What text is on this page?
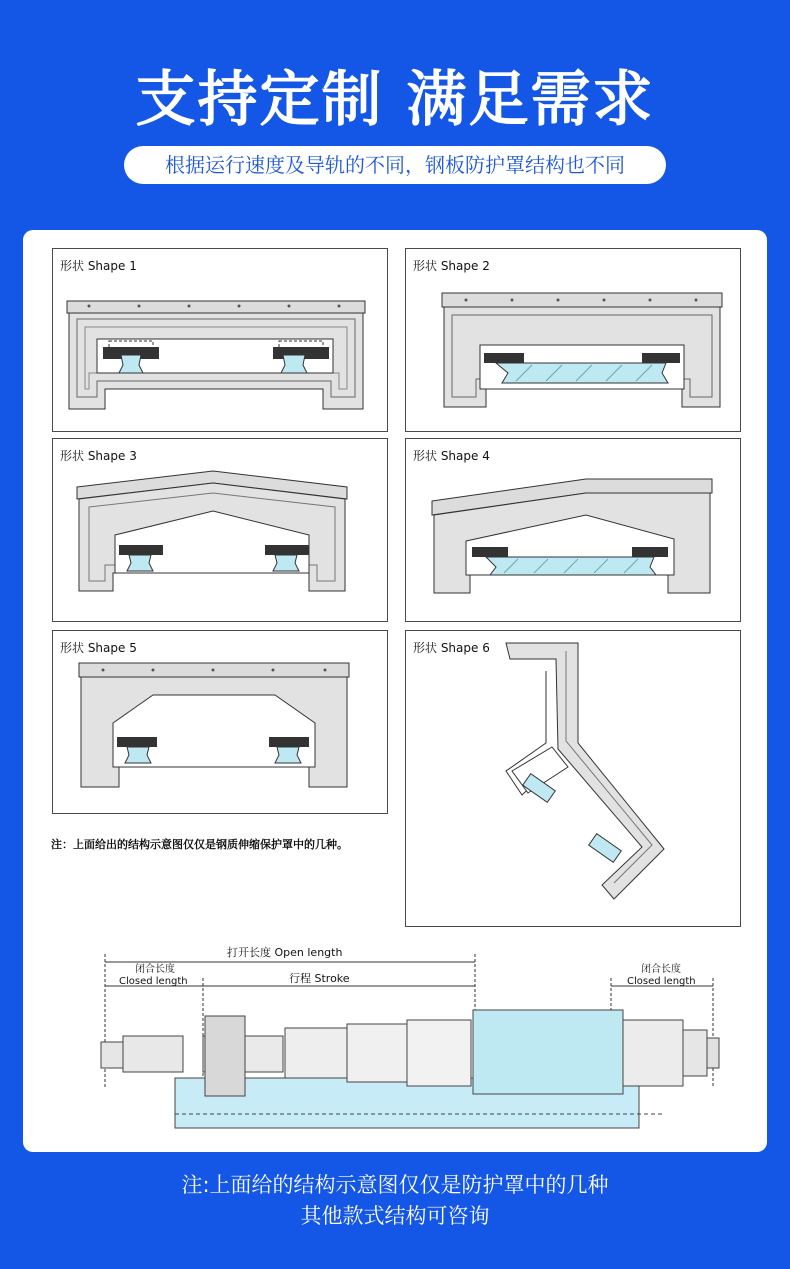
支持定制 满足需求
根据运行速度及导轨的不同，钢板防护罩结构也不同
形状 Shape 1	形状 Shape 2
形状 Shape 3	形状 Shape 4
形状 Shape 5	形状 Shape 6
注：上面给出的结构示意图仅仅是钢质伸缩保护罩中的几种。
打开长度 Open length
闭合长度
Closed length	行程 Stroke
闭合长度
Closed length
注:上面给的结构示意图仅仅是防护罩中的几种
其他款式结构可咨询
